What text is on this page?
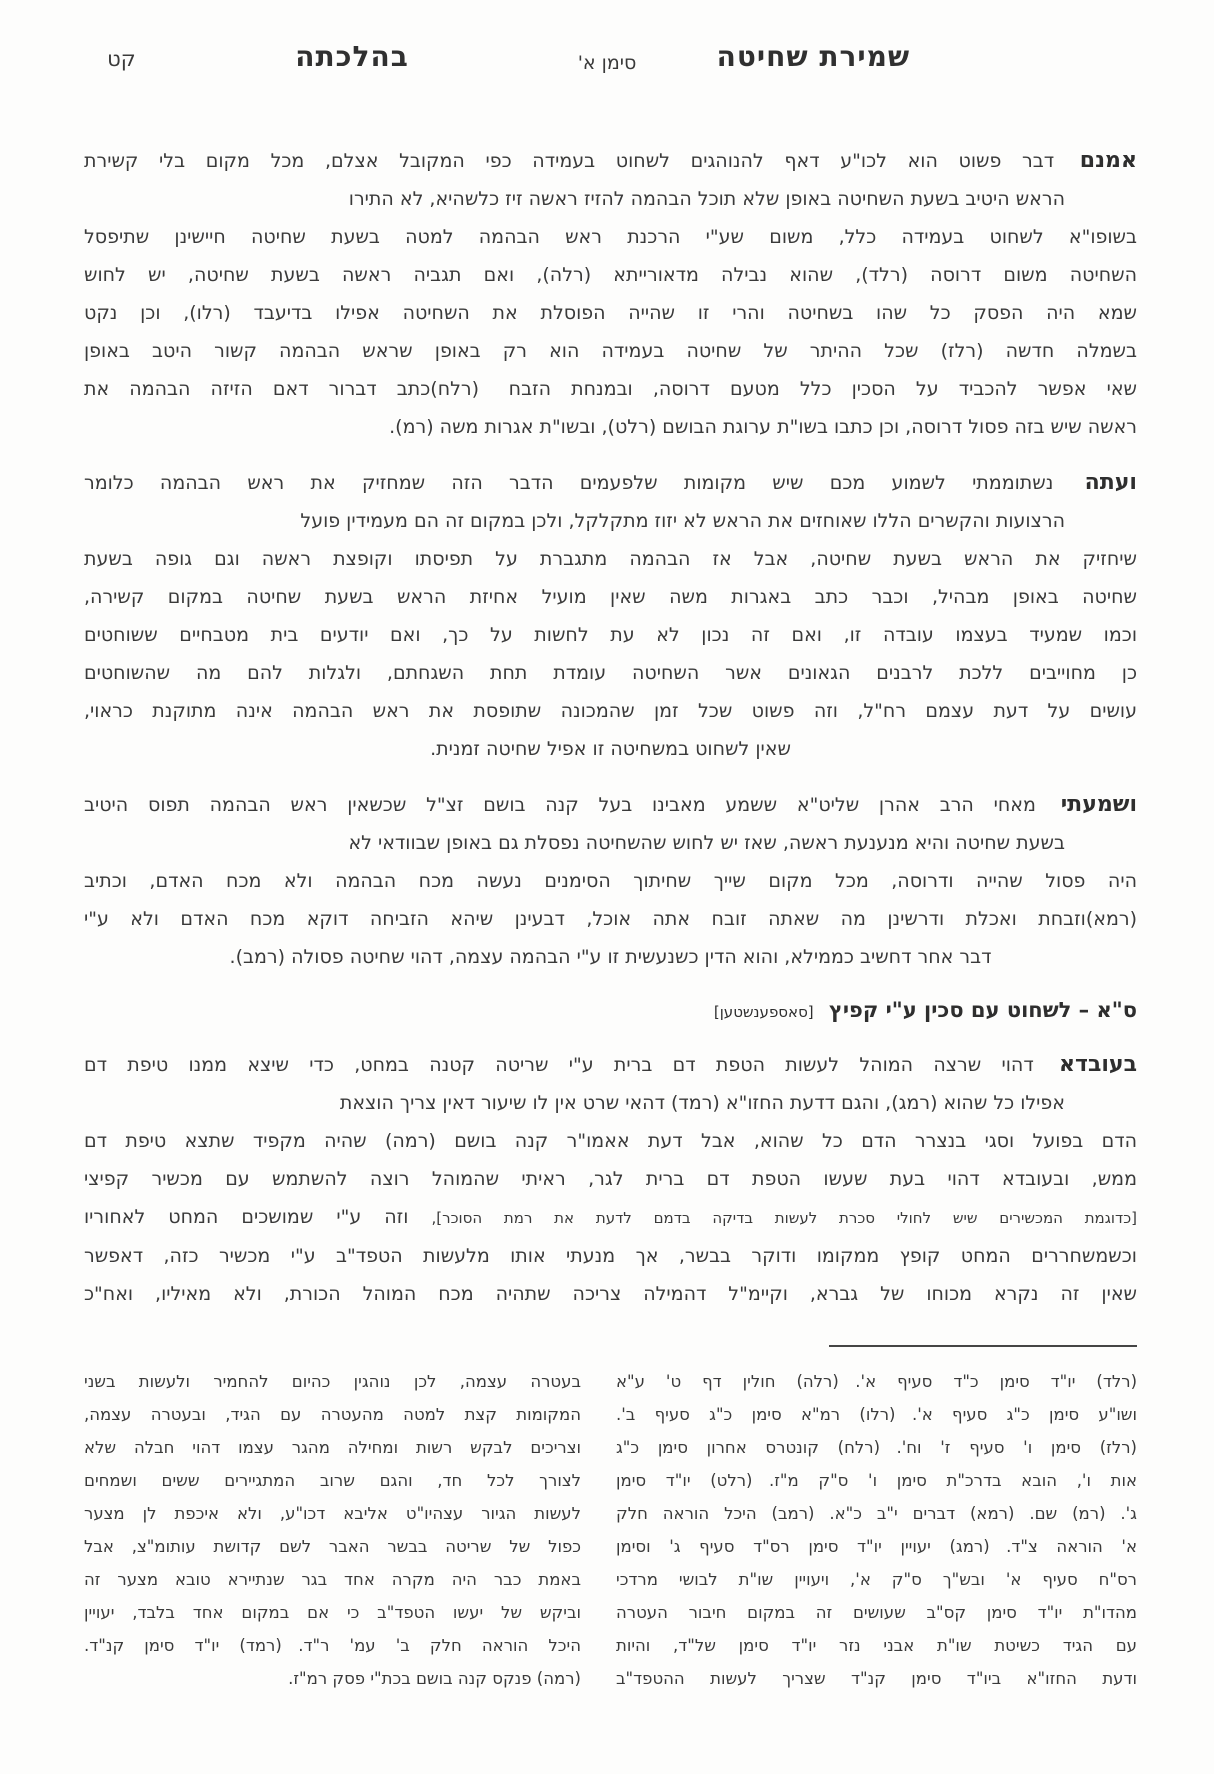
שמירת שחיטה
סימן א'
בהלכתה
קט
אמנם דבר פשוט הוא לכו"ע דאף להנוהגים לשחוט בעמידה כפי המקובל אצלם, מכל מקום בלי קשירת
הראש היטיב בשעת השחיטה באופן שלא תוכל הבהמה להזיז ראשה זיז כלשהיא, לא התירו
בשופו"א לשחוט בעמידה כלל, משום שע"י הרכנת ראש הבהמה למטה בשעת שחיטה חיישינן שתיפסל
השחיטה משום דרוסה (רלד), שהוא נבילה מדאורייתא (רלה), ואם תגביה ראשה בשעת שחיטה, יש לחוש
שמא היה הפסק כל שהו בשחיטה והרי זו שהייה הפוסלת את השחיטה אפילו בדיעבד (רלו), וכן נקט
בשמלה חדשה (רלז) שכל ההיתר של שחיטה בעמידה הוא רק באופן שראש הבהמה קשור היטב באופן
שאי אפשר להכביד על הסכין כלל מטעם דרוסה, ובמנחת הזבח  (רלח)כתב דברור דאם הזיזה הבהמה את
ראשה שיש בזה פסול דרוסה, וכן כתבו בשו"ת ערוגת הבושם (רלט), ובשו"ת אגרות משה (רמ).
ועתה נשתוממתי לשמוע מכם שיש מקומות שלפעמים הדבר הזה שמחזיק את ראש הבהמה כלומר
הרצועות והקשרים הללו שאוחזים את הראש לא יזוז מתקלקל, ולכן במקום זה הם מעמידין פועל
שיחזיק את הראש בשעת שחיטה, אבל אז הבהמה מתגברת על תפיסתו וקופצת ראשה וגם גופה בשעת
שחיטה באופן מבהיל, וכבר כתב באגרות משה שאין מועיל אחיזת הראש בשעת שחיטה במקום קשירה,
וכמו שמעיד בעצמו עובדה זו, ואם זה נכון לא עת לחשות על כך, ואם יודעים בית מטבחיים ששוחטים
כן מחוייבים ללכת לרבנים הגאונים אשר השחיטה עומדת תחת השגחתם, ולגלות להם מה שהשוחטים
עושים על דעת עצמם רח"ל, וזה פשוט שכל זמן שהמכונה שתופסת את ראש הבהמה אינה מתוקנת כראוי,
שאין לשחוט במשחיטה זו אפיל שחיטה זמנית.
ושמעתי מאחי הרב אהרן שליט"א ששמע מאבינו בעל קנה בושם זצ"ל שכשאין ראש הבהמה תפוס היטיב
בשעת שחיטה והיא מנענעת ראשה, שאז יש לחוש שהשחיטה נפסלת גם באופן שבוודאי לא
היה פסול שהייה ודרוסה, מכל מקום שייך שחיתוך הסימנים נעשה מכח הבהמה ולא מכח האדם, וכתיב
(רמא)וזבחת ואכלת ודרשינן מה שאתה זובח אתה אוכל, דבעינן שיהא הזביחה דוקא מכח האדם ולא ע"י
דבר אחר דחשיב כממילא, והוא הדין כשנעשית זו ע"י הבהמה עצמה, דהוי שחיטה פסולה (רמב).
ס"א – לשחוט עם סכין ע"י קפיץ [סאספענשטען]
בעובדא דהוי שרצה המוהל לעשות הטפת דם ברית ע"י שריטה קטנה במחט, כדי שיצא ממנו טיפת דם
אפילו כל שהוא (רמג), והגם דדעת החזו"א (רמד) דהאי שרט אין לו שיעור דאין צריך הוצאת
הדם בפועל וסגי בנצרר הדם כל שהוא, אבל דעת אאמו"ר קנה בושם (רמה) שהיה מקפיד שתצא טיפת דם
ממש, ובעובדא דהוי בעת שעשו הטפת דם ברית לגר, ראיתי שהמוהל רוצה להשתמש עם מכשיר קפיצי
[כדוגמת המכשירים שיש לחולי סכרת לעשות בדיקה בדמם לדעת את רמת הסוכר], וזה ע"י שמושכים המחט לאחוריו
וכשמשחררים המחט קופץ ממקומו ודוקר בבשר, אך מנעתי אותו מלעשות הטפד"ב ע"י מכשיר כזה, דאפשר
שאין זה נקרא מכוחו של גברא, וקיימ"ל דהמילה צריכה שתהיה מכח המוהל הכורת, ולא מאיליו, ואח"כ
(רלד) יו"ד סימן כ"ד סעיף א'. (רלה) חולין דף ט' ע"א
ושו"ע סימן כ"ג סעיף א'. (רלו) רמ"א סימן כ"ג סעיף ב'.
(רלז) סימן ו' סעיף ז' וח'. (רלח) קונטרס אחרון סימן כ"ג
אות ו', הובא בדרכ"ת סימן ו' ס"ק מ"ז. (רלט) יו"ד סימן
ג'. (רמ) שם. (רמא) דברים י"ב כ"א. (רמב) היכל הוראה חלק
א' הוראה צ"ד. (רמג) יעויין יו"ד סימן רס"ד סעיף ג' וסימן
רס"ח סעיף א' ובש"ך ס"ק א', ויעויין שו"ת לבושי מרדכי
מהדו"ת יו"ד סימן קס"ב שעושים זה במקום חיבור העטרה
עם הגיד כשיטת שו"ת אבני נזר יו"ד סימן של"ד, והיות
ודעת החזו"א ביו"ד סימן קנ"ד שצריך לעשות ההטפד"ב
בעטרה עצמה, לכן נוהגין כהיום להחמיר ולעשות בשני
המקומות קצת למטה מהעטרה עם הגיד, ובעטרה עצמה,
וצריכים לבקש רשות ומחילה מהגר עצמו דהוי חבלה שלא
לצורך לכל חד, והגם שרוב המתגיירים ששים ושמחים
לעשות הגיור עצהיו"ט אליבא דכו"ע, ולא איכפת לן מצער
כפול של שריטה בבשר האבר לשם קדושת עותומ"צ, אבל
באמת כבר היה מקרה אחד בגר שנתיירא טובא מצער זה
וביקש של יעשו הטפד"ב כי אם במקום אחד בלבד, יעויין
היכל הוראה חלק ב' עמ' ר"ד. (רמד) יו"ד סימן קנ"ד.
(רמה) פנקס קנה בושם בכת"י פסק רמ"ז.
